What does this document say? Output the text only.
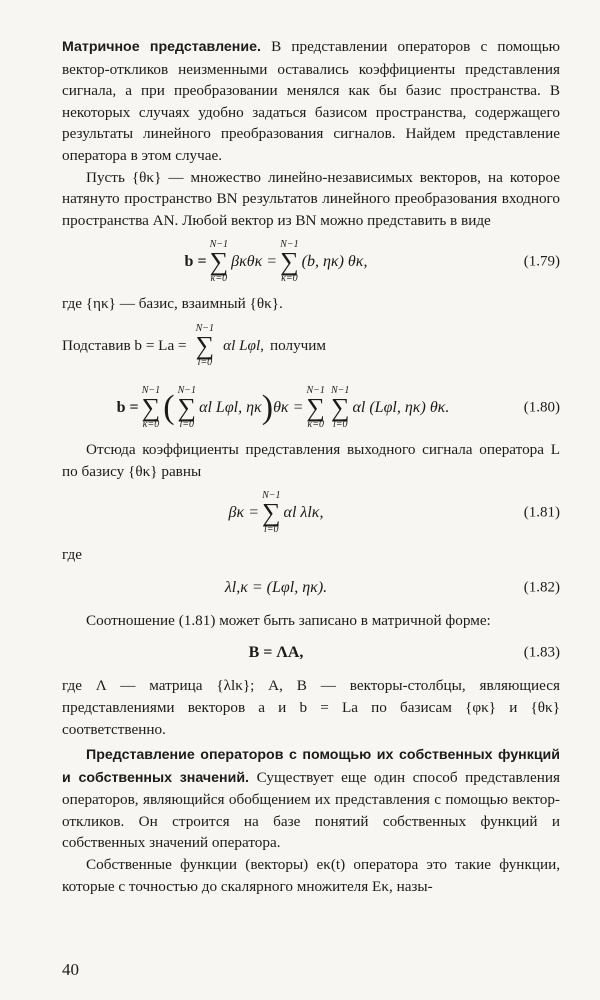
Матричное представление. В представлении операторов с помощью вектор-откликов неизменными оставались коэффициенты представления сигнала, а при преобразовании менялся как бы базис пространства. В некоторых случаях удобно задаться базисом пространства, содержащего результаты линейного преобразования сигналов. Найдем представление оператора в этом случае.

Пусть {θκ} — множество линейно-независимых векторов, на которое натянуто пространство BN результатов линейного преобразования входного пространства AN. Любой вектор из BN можно представить в виде

b =
N−1
∑
κ=0
βκθκ =
N−1
∑
κ=0
(b, ηκ) θκ,	(1.79)

где {ηκ} — базис, взаимный {θκ}.

Подставив b = La =
N−1
∑
l=0
αl Lφl, получим
b =
N−1
∑
κ=0 ( N−1
∑
l=0
αl Lφl, ηκ ) θκ =
N−1
∑
κ=0
N−1
∑
l=0
αl (Lφl, ηκ) θκ.	(1.80)

Отсюда коэффициенты представления выходного сигнала оператора L по базису {θκ} равны

βκ =
N−1
∑
l=0
αl λlκ,	(1.81)

где

λl,κ = (Lφl, ηκ).	(1.82)

Соотношение (1.81) может быть записано в матричной форме:

B = ΛA,	(1.83)

где Λ — матрица {λlκ}; A, B — векторы-столбцы, являющиеся представлениями векторов a и b = La по базисам {φκ} и {θκ} соответственно.

Представление операторов с помощью их собственных функций и собственных значений. Существует еще один способ представления операторов, являющийся обобщением их представления с помощью вектор-откликов. Он строится на базе понятий собственных функций и собственных значений оператора.

Собственные функции (векторы) eκ(t) оператора это такие функции, которые с точностью до скалярного множителя Eκ, назы-

40
